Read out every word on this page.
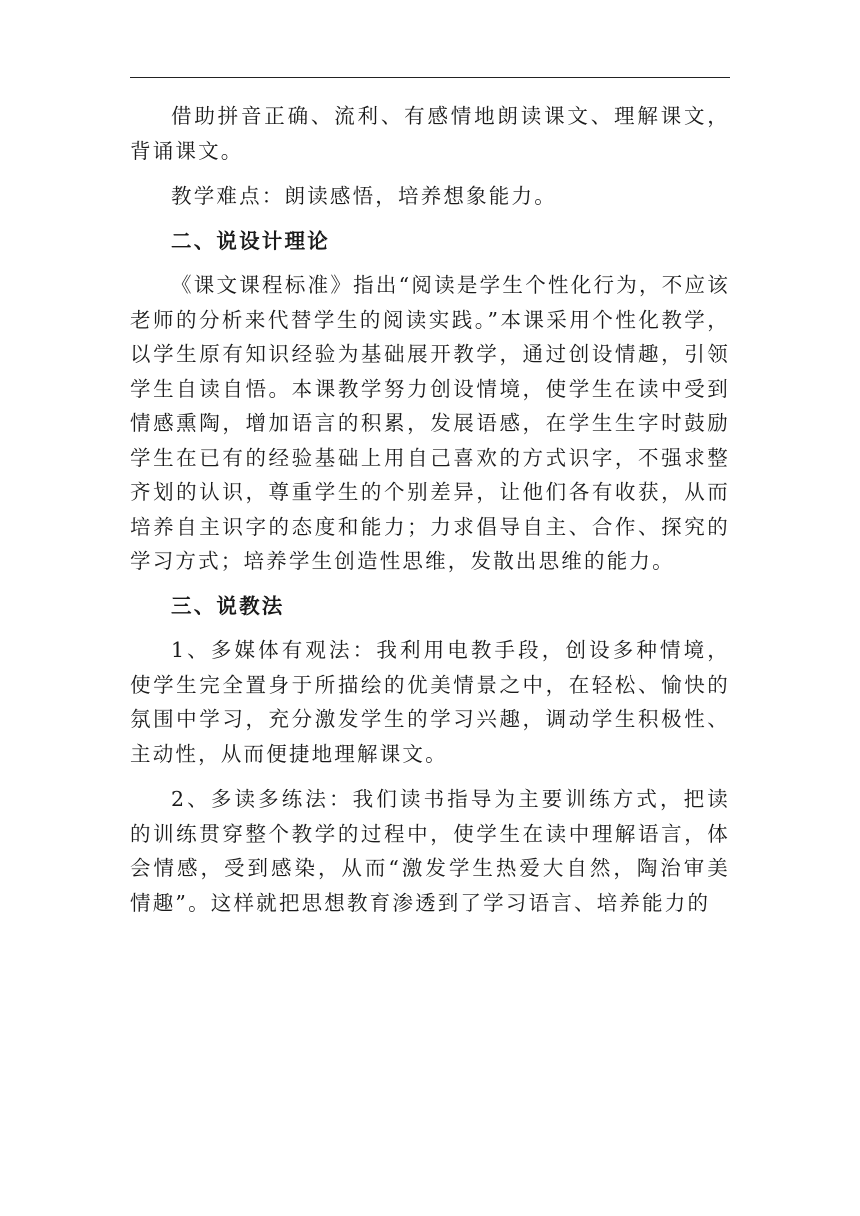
借助拼音正确、流利、有感情地朗读课文、理解课文，背诵课文。

教学难点：朗读感悟，培养想象能力。

二、说设计理论

《课文课程标准》指出“阅读是学生个性化行为，不应该老师的分析来代替学生的阅读实践。”本课采用个性化教学，以学生原有知识经验为基础展开教学，通过创设情趣，引领学生自读自悟。本课教学努力创设情境，使学生在读中受到情感熏陶，增加语言的积累，发展语感，在学生生字时鼓励学生在已有的经验基础上用自己喜欢的方式识字，不强求整齐划的认识，尊重学生的个别差异，让他们各有收获，从而培养自主识字的态度和能力；力求倡导自主、合作、探究的学习方式；培养学生创造性思维，发散出思维的能力。

三、说教法

1、多媒体有观法：我利用电教手段，创设多种情境，使学生完全置身于所描绘的优美情景之中，在轻松、愉快的氛围中学习，充分激发学生的学习兴趣，调动学生积极性、主动性，从而便捷地理解课文。

2、多读多练法：我们读书指导为主要训练方式，把读的训练贯穿整个教学的过程中，使学生在读中理解语言，体会情感，受到感染，从而“激发学生热爱大自然，陶治审美情趣”。这样就把思想教育渗透到了学习语言、培养能力的
